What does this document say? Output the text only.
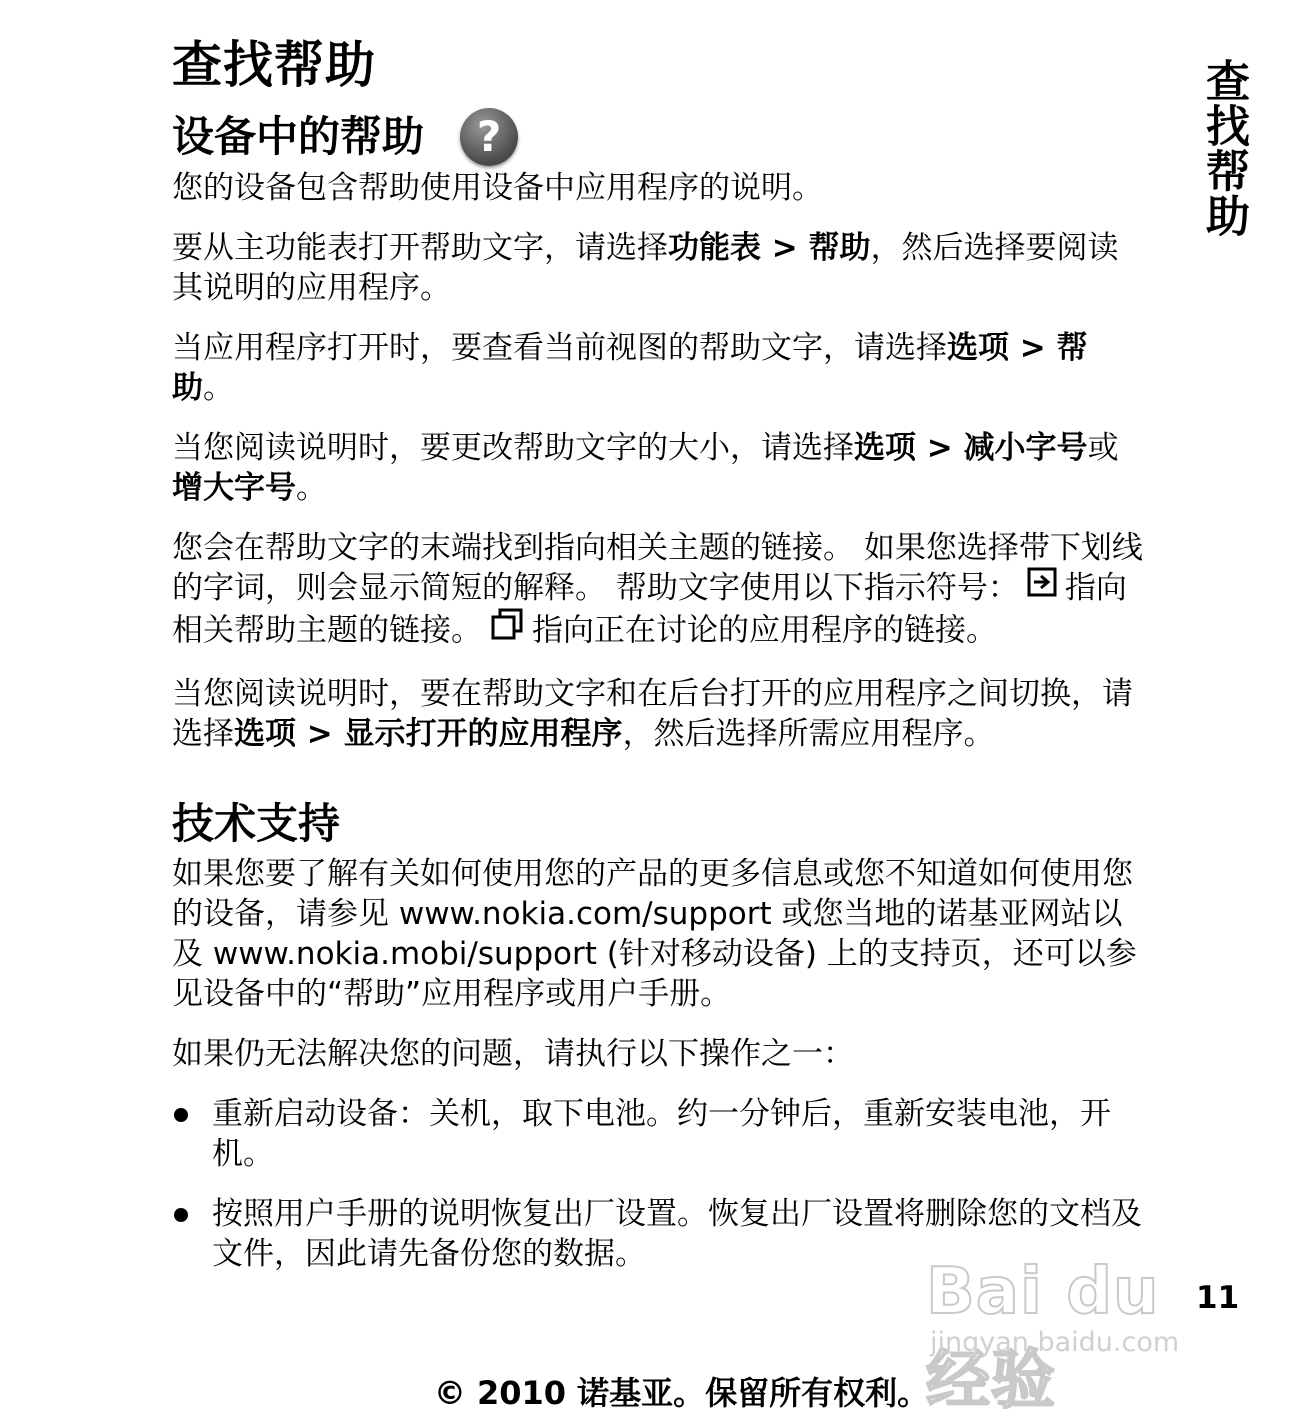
查找帮助
查找帮助
设备中的帮助	?

您的设备包含帮助使用设备中应用程序的说明。

要从主功能表打开帮助文字，请选择功能表 > 帮助，然后选择要阅读其说明的应用程序。

当应用程序打开时，要查看当前视图的帮助文字，请选择选项 > 帮助。

当您阅读说明时，要更改帮助文字的大小，请选择选项 > 减小字号或增大字号。

您会在帮助文字的末端找到指向相关主题的链接。 如果您选择带下划线的字词，则会显示简短的解释。 帮助文字使用以下指示符号： 指向相关帮助主题的链接。 指向正在讨论的应用程序的链接。

当您阅读说明时，要在帮助文字和在后台打开的应用程序之间切换，请选择选项 > 显示打开的应用程序，然后选择所需应用程序。

技术支持

如果您要了解有关如何使用您的产品的更多信息或您不知道如何使用您的设备，请参见 www.nokia.com/support 或您当地的诺基亚网站以及 www.nokia.mobi/support (针对移动设备) 上的支持页，还可以参见设备中的“帮助”应用程序或用户手册。

如果仍无法解决您的问题，请执行以下操作之一：

重新启动设备：关机，取下电池。约一分钟后，重新安装电池，开机。
按照用户手册的说明恢复出厂设置。恢复出厂设置将删除您的文档及文件，因此请先备份您的数据。
Bai du 经验
jingyan.baidu.com
11
© 2010 诺基亚。保留所有权利。
